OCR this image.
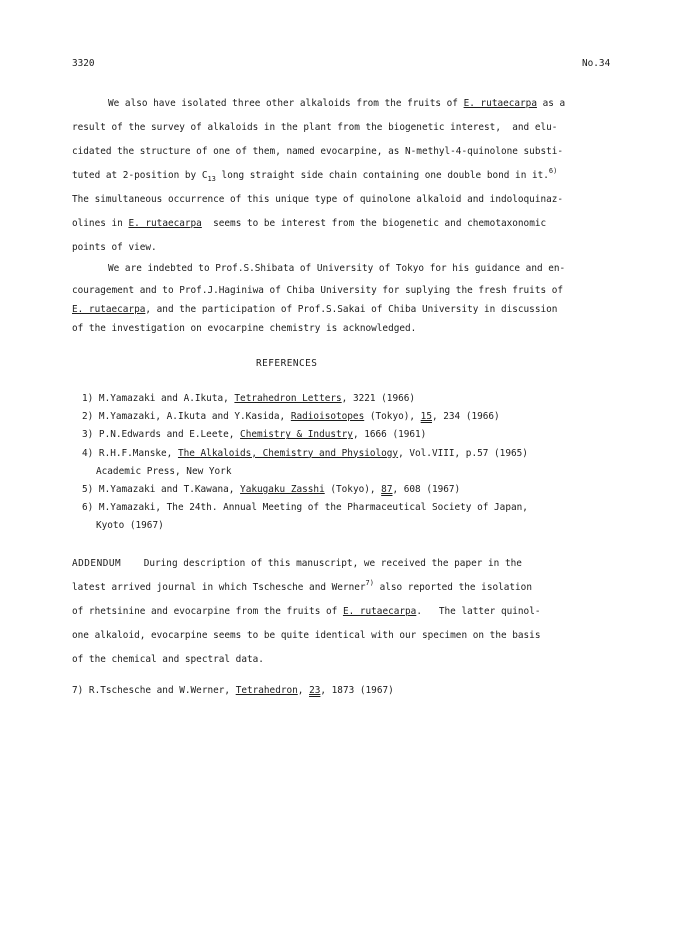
3320	No.34
We also have isolated three other alkaloids from the fruits of E. rutaecarpa as a
result of the survey of alkaloids in the plant from the biogenetic interest,  and elu-
cidated the structure of one of them, named evocarpine, as N-methyl-4-quinolone substi-
tuted at 2-position by $C_{13}$ long straight side chain containing one double bond in it.$^{6)}$
The simultaneous occurrence of this unique type of quinolone alkaloid and indoloquinaz-
olines in E. rutaecarpa  seems to be interest from the biogenetic and chemotaxonomic
points of view.
We are indebted to Prof.S.Shibata of University of Tokyo for his guidance and en-
couragement and to Prof.J.Haginiwa of Chiba University for suplying the fresh fruits of
E. rutaecarpa, and the participation of Prof.S.Sakai of Chiba University in discussion
of the investigation on evocarpine chemistry is acknowledged.
REFERENCES
1) M.Yamazaki and A.Ikuta, Tetrahedron Letters, 3221 (1966)
2) M.Yamazaki, A.Ikuta and Y.Kasida, Radioisotopes (Tokyo), 15, 234 (1966)
3) P.N.Edwards and E.Leete, Chemistry & Industry, 1666 (1961)
4) R.H.F.Manske, The Alkaloids, Chemistry and Physiology, Vol.VIII, p.57 (1965)
Academic Press, New York
5) M.Yamazaki and T.Kawana, Yakugaku Zasshi (Tokyo), 87, 608 (1967)
6) M.Yamazaki, The 24th. Annual Meeting of the Pharmaceutical Society of Japan,
Kyoto (1967)
ADDENDUM    During description of this manuscript, we received the paper in the
latest arrived journal in which Tschesche and Werner$^{7)}$ also reported the isolation
of rhetsinine and evocarpine from the fruits of E. rutaecarpa.   The latter quinol-
one alkaloid, evocarpine seems to be quite identical with our specimen on the basis
of the chemical and spectral data.
7) R.Tschesche and W.Werner, Tetrahedron, 23, 1873 (1967)
